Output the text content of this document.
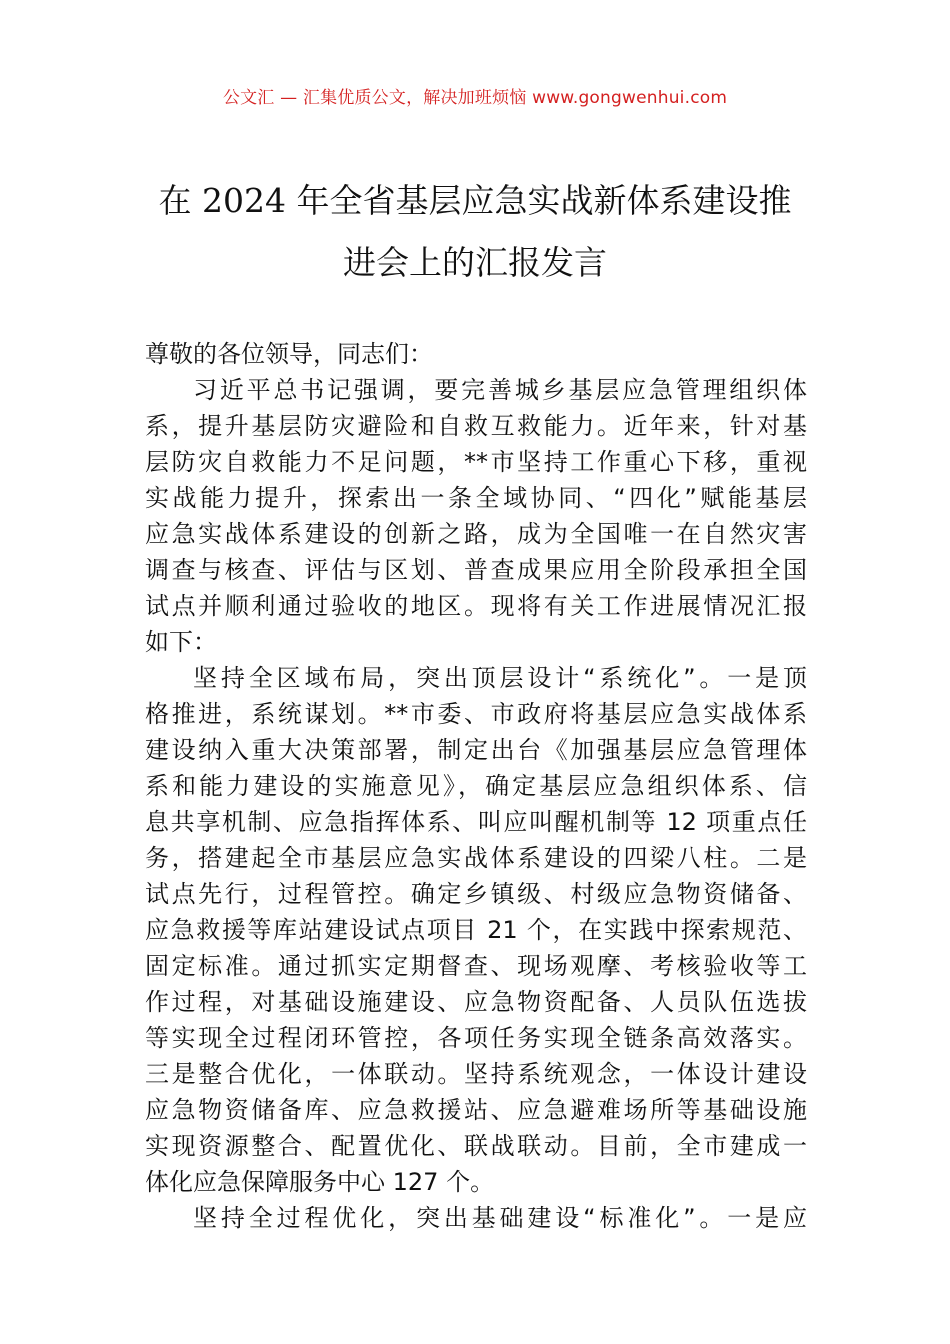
公文汇 — 汇集优质公文，解决加班烦恼 www.gongwenhui.com
在 2024 年全省基层应急实战新体系建设推
进会上的汇报发言
尊敬的各位领导，同志们：
习近平总书记强调，要完善城乡基层应急管理组织体
系，提升基层防灾避险和自救互救能力。近年来，针对基
层防灾自救能力不足问题，**市坚持工作重心下移，重视
实战能力提升，探索出一条全域协同、“四化”赋能基层
应急实战体系建设的创新之路，成为全国唯一在自然灾害
调查与核查、评估与区划、普查成果应用全阶段承担全国
试点并顺利通过验收的地区。现将有关工作进展情况汇报
如下：
坚持全区域布局，突出顶层设计“系统化”。一是顶
格推进，系统谋划。**市委、市政府将基层应急实战体系
建设纳入重大决策部署，制定出台《加强基层应急管理体
系和能力建设的实施意见》，确定基层应急组织体系、信
息共享机制、应急指挥体系、叫应叫醒机制等 12 项重点任
务，搭建起全市基层应急实战体系建设的四梁八柱。二是
试点先行，过程管控。确定乡镇级、村级应急物资储备、
应急救援等库站建设试点项目 21 个，在实践中探索规范、
固定标准。通过抓实定期督查、现场观摩、考核验收等工
作过程，对基础设施建设、应急物资配备、人员队伍选拔
等实现全过程闭环管控，各项任务实现全链条高效落实。
三是整合优化，一体联动。坚持系统观念，一体设计建设
应急物资储备库、应急救援站、应急避难场所等基础设施
实现资源整合、配置优化、联战联动。目前，全市建成一
体化应急保障服务中心 127 个。
坚持全过程优化，突出基础建设“标准化”。一是应
